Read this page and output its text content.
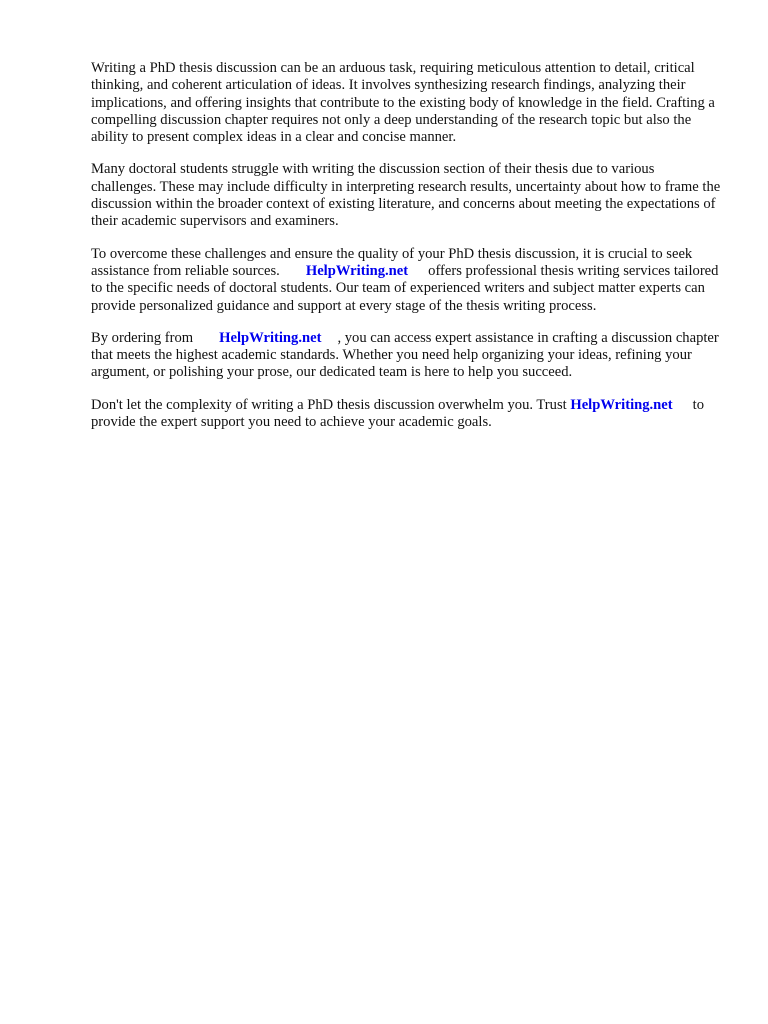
Writing a PhD thesis discussion can be an arduous task, requiring meticulous attention to detail, critical thinking, and coherent articulation of ideas. It involves synthesizing research findings, analyzing their implications, and offering insights that contribute to the existing body of knowledge in the field. Crafting a compelling discussion chapter requires not only a deep understanding of the research topic but also the ability to present complex ideas in a clear and concise manner.

Many doctoral students struggle with writing the discussion section of their thesis due to various challenges. These may include difficulty in interpreting research results, uncertainty about how to frame the discussion within the broader context of existing literature, and concerns about meeting the expectations of their academic supervisors and examiners.

To overcome these challenges and ensure the quality of your PhD thesis discussion, it is crucial to seek assistance from reliable sources. HelpWriting.net offers professional thesis writing services tailored to the specific needs of doctoral students. Our team of experienced writers and subject matter experts can provide personalized guidance and support at every stage of the thesis writing process.

By ordering from HelpWriting.net , you can access expert assistance in crafting a discussion chapter that meets the highest academic standards. Whether you need help organizing your ideas, refining your argument, or polishing your prose, our dedicated team is here to help you succeed.

Don't let the complexity of writing a PhD thesis discussion overwhelm you. Trust HelpWriting.net to provide the expert support you need to achieve your academic goals.
